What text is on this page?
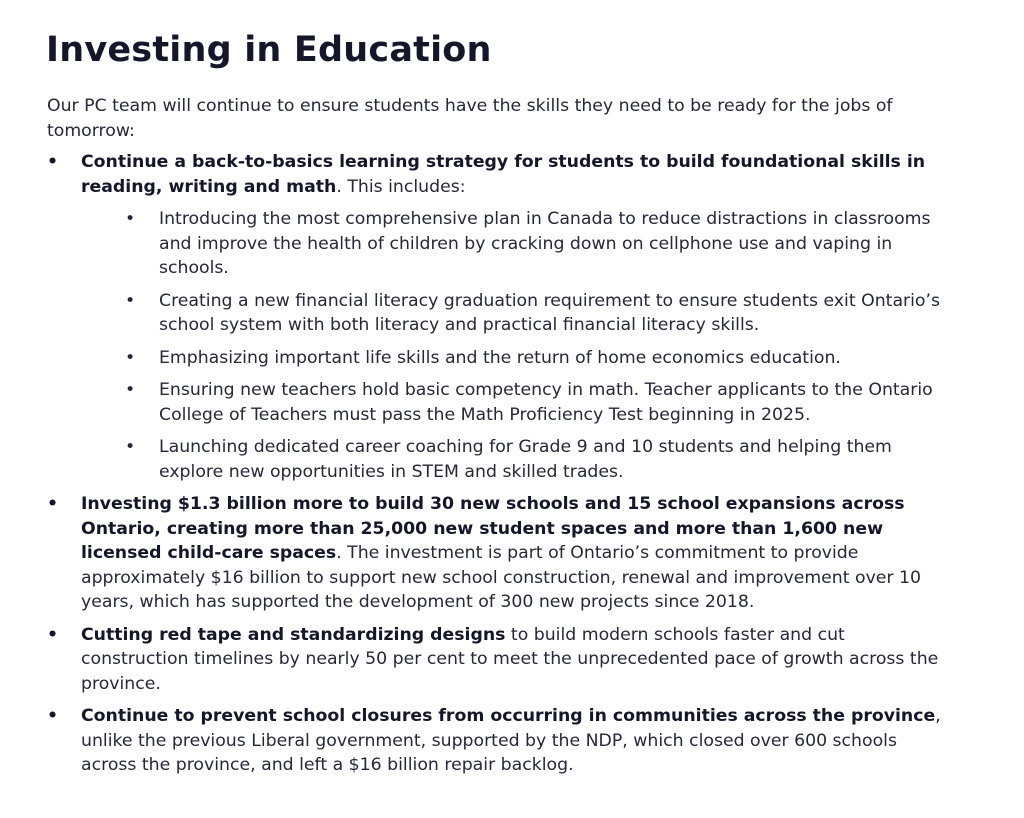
Investing in Education

Our PC team will continue to ensure students have the skills they need to be ready for the jobs of tomorrow:

• Continue a back-to-basics learning strategy for students to build foundational skills in reading, writing and math. This includes:
• Introducing the most comprehensive plan in Canada to reduce distractions in classrooms and improve the health of children by cracking down on cellphone use and vaping in schools.
• Creating a new financial literacy graduation requirement to ensure students exit Ontario’s school system with both literacy and practical financial literacy skills.
• Emphasizing important life skills and the return of home economics education.
• Ensuring new teachers hold basic competency in math. Teacher applicants to the Ontario College of Teachers must pass the Math Proficiency Test beginning in 2025.
• Launching dedicated career coaching for Grade 9 and 10 students and helping them explore new opportunities in STEM and skilled trades.
• Investing $1.3 billion more to build 30 new schools and 15 school expansions across Ontario, creating more than 25,000 new student spaces and more than 1,600 new licensed child-care spaces. The investment is part of Ontario’s commitment to provide approximately $16 billion to support new school construction, renewal and improvement over 10 years, which has supported the development of 300 new projects since 2018.
• Cutting red tape and standardizing designs to build modern schools faster and cut construction timelines by nearly 50 per cent to meet the unprecedented pace of growth across the province.
• Continue to prevent school closures from occurring in communities across the province, unlike the previous Liberal government, supported by the NDP, which closed over 600 schools across the province, and left a $16 billion repair backlog.
